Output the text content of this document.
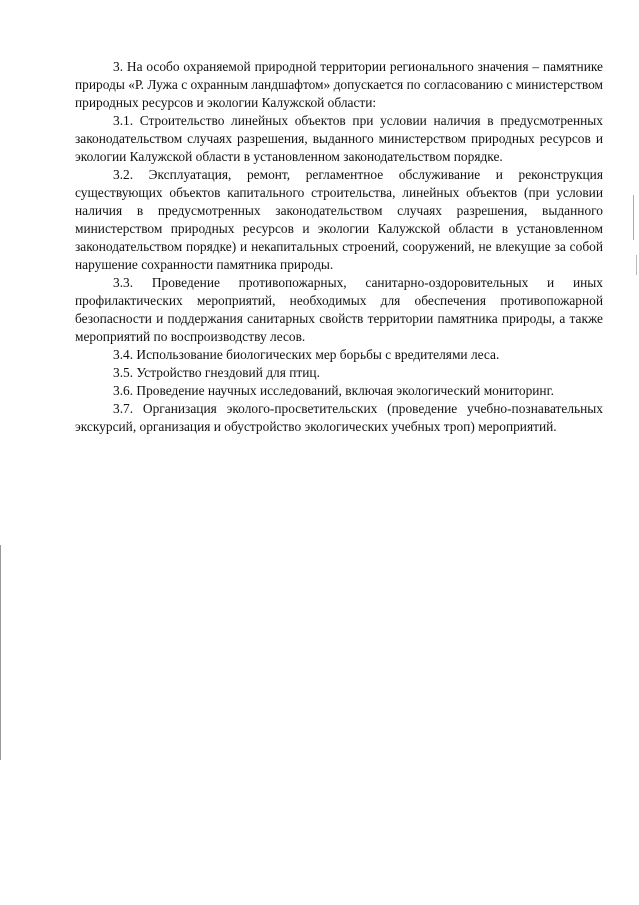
3. На особо охраняемой природной территории регионального значения – памятнике природы «Р. Лужа с охранным ландшафтом» допускается по согласованию с министерством природных ресурсов и экологии Калужской области:

3.1. Строительство линейных объектов при условии наличия в предусмотренных законодательством случаях разрешения, выданного министерством природных ресурсов и экологии Калужской области в установленном законодательством порядке.

3.2. Эксплуатация, ремонт, регламентное обслуживание и реконструкция существующих объектов капитального строительства, линейных объектов (при условии наличия в предусмотренных законодательством случаях разрешения, выданного министерством природных ресурсов и экологии Калужской области в установленном законодательством порядке) и некапитальных строений, сооружений, не влекущие за собой нарушение сохранности памятника природы.

3.3. Проведение противопожарных, санитарно-оздоровительных и иных профилактических мероприятий, необходимых для обеспечения противопожарной безопасности и поддержания санитарных свойств территории памятника природы, а также мероприятий по воспроизводству лесов.

3.4. Использование биологических мер борьбы с вредителями леса.

3.5. Устройство гнездовий для птиц.

3.6. Проведение научных исследований, включая экологический мониторинг.

3.7. Организация эколого-просветительских (проведение учебно-познавательных экскурсий, организация и обустройство экологических учебных троп) мероприятий.
